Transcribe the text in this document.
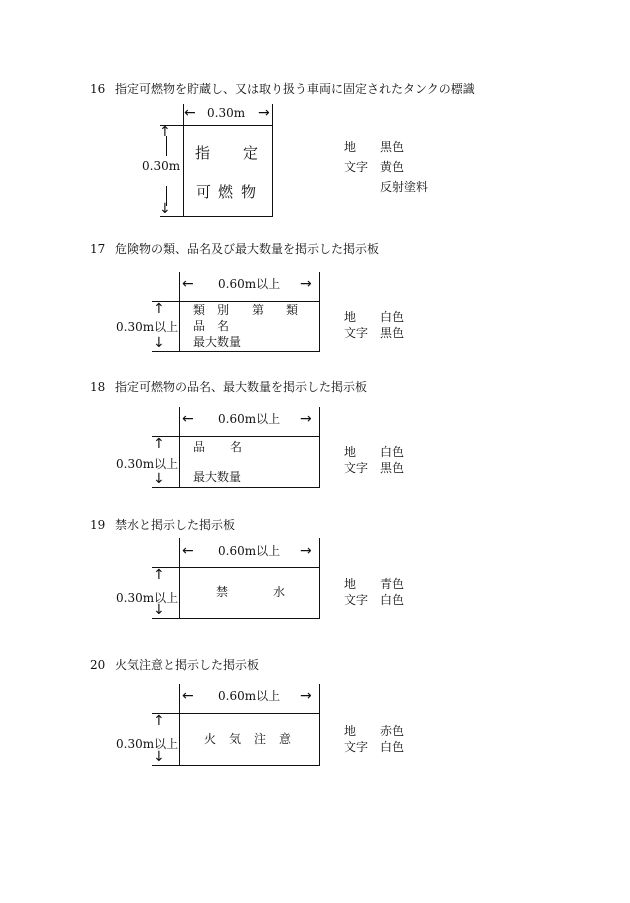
16 指定可燃物を貯蔵し、又は取り扱う車両に固定されたタンクの標識
←	→
0.30m
↑
↓
0.30m
指 定
可 燃 物
地 黒色
文字 黄色
反射塗料
17 危険物の類、品名及び最大数量を掲示した掲示板
←	→
0.60m以上
↑
↓
0.30m以上
類 別 第 類
品 名
最大数量
地 白色
文字 黒色
18 指定可燃物の品名、最大数量を掲示した掲示板
←	→
0.60m以上
↑
↓
0.30m以上
品 名
最大数量
地 白色
文字 黒色
19 禁水と掲示した掲示板
←	→
0.60m以上
↑
↓
0.30m以上	禁	水
地 青色
文字 白色
20 火気注意と掲示した掲示板
←	→
0.60m以上
↑
↓
0.30m以上 火 気 注 意
地 赤色
文字 白色
